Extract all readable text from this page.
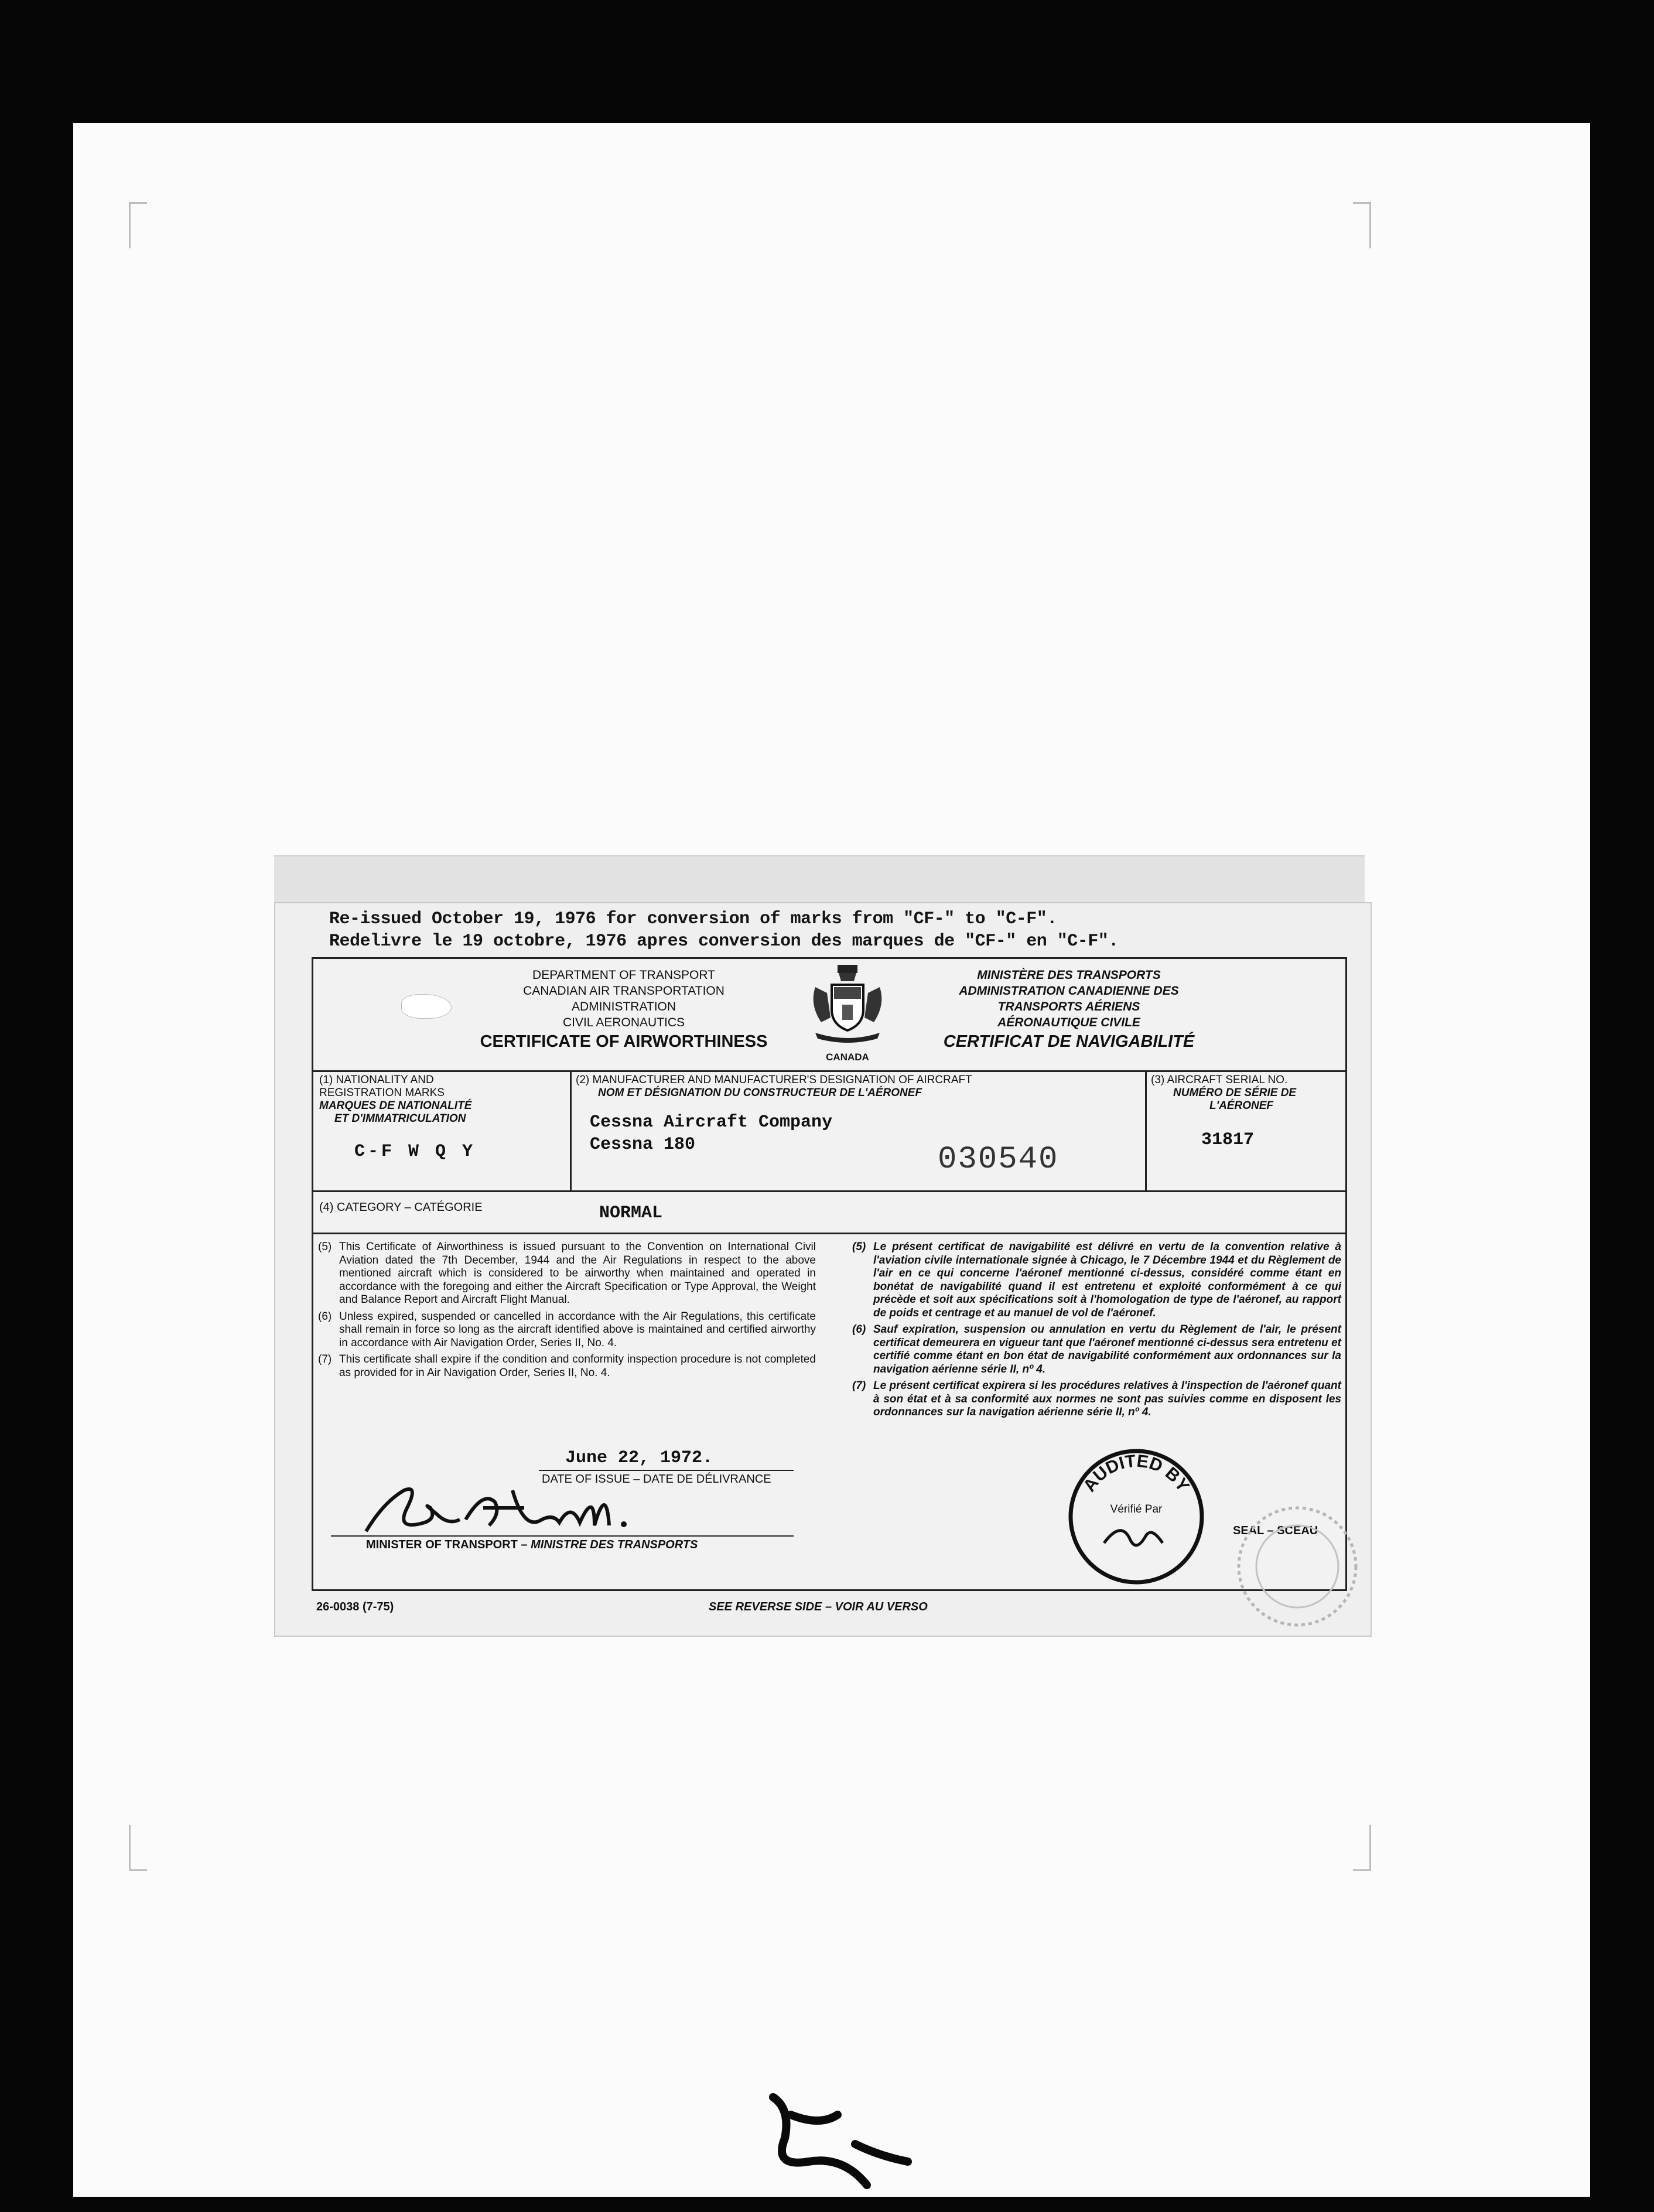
Re-issued October 19, 1976 for conversion of marks from "CF-" to "C-F".
Redelivre le 19 octobre, 1976 apres conversion des marques de "CF-" en "C-F".
DEPARTMENT OF TRANSPORT
CANADIAN AIR TRANSPORTATION
ADMINISTRATION
CIVIL AERONAUTICS
CERTIFICATE OF AIRWORTHINESS
CANADA
MINISTÈRE DES TRANSPORTS
ADMINISTRATION CANADIENNE DES
TRANSPORTS AÉRIENS
AÉRONAUTIQUE CIVILE
CERTIFICAT DE NAVIGABILITÉ
(1) NATIONALITY AND
REGISTRATION MARKS
MARQUES DE NATIONALITÉ
ET D'IMMATRICULATION
C-F W Q Y
(2) MANUFACTURER AND MANUFACTURER'S DESIGNATION OF AIRCRAFT
NOM ET DÉSIGNATION DU CONSTRUCTEUR DE L'AÉRONEF
Cessna Aircraft Company
Cessna 180	030540
(3) AIRCRAFT SERIAL NO.
NUMÉRO DE SÉRIE DE
L'AÉRONEF
31817
(4) CATEGORY – CATÉGORIE	NORMAL
(5) This Certificate of Airworthiness is issued pursuant to the Convention on International Civil Aviation dated the 7th December, 1944 and the Air Regulations in respect to the above mentioned aircraft which is considered to be airworthy when maintained and operated in accordance with the foregoing and either the Aircraft Specification or Type Approval, the Weight and Balance Report and Aircraft Flight Manual.
(6) Unless expired, suspended or cancelled in accordance with the Air Regulations, this certificate shall remain in force so long as the aircraft identified above is maintained and certified airworthy in accordance with Air Navigation Order, Series II, No. 4.
(7) This certificate shall expire if the condition and conformity inspection procedure is not completed as provided for in Air Navigation Order, Series II, No. 4.
(5) Le présent certificat de navigabilité est délivré en vertu de la convention relative à l'aviation civile internationale signée à Chicago, le 7 Décembre 1944 et du Règlement de l'air en ce qui concerne l'aéronef mentionné ci-dessus, considéré comme étant en bonétat de navigabilité quand il est entretenu et exploité conformément à ce qui précède et soit aux spécifications soit à l'homologation de type de l'aéronef, au rapport de poids et centrage et au manuel de vol de l'aéronef.
(6) Sauf expiration, suspension ou annulation en vertu du Règlement de l'air, le présent certificat demeurera en vigueur tant que l'aéronef mentionné ci-dessus sera entretenu et certifié comme étant en bon état de navigabilité conformément aux ordonnances sur la navigation aérienne série II, nº 4.
(7) Le présent certificat expirera si les procédures relatives à l'inspection de l'aéronef quant à son état et à sa conformité aux normes ne sont pas suivies comme en disposent les ordonnances sur la navigation aérienne série II, nº 4.
June 22, 1972.
DATE OF ISSUE – DATE DE DÉLIVRANCE
MINISTER OF TRANSPORT – MINISTRE DES TRANSPORTS
AUDITED BY
Vérifié Par
SEAL – SCEAU
26-0038 (7-75)	SEE REVERSE SIDE – VOIR AU VERSO
